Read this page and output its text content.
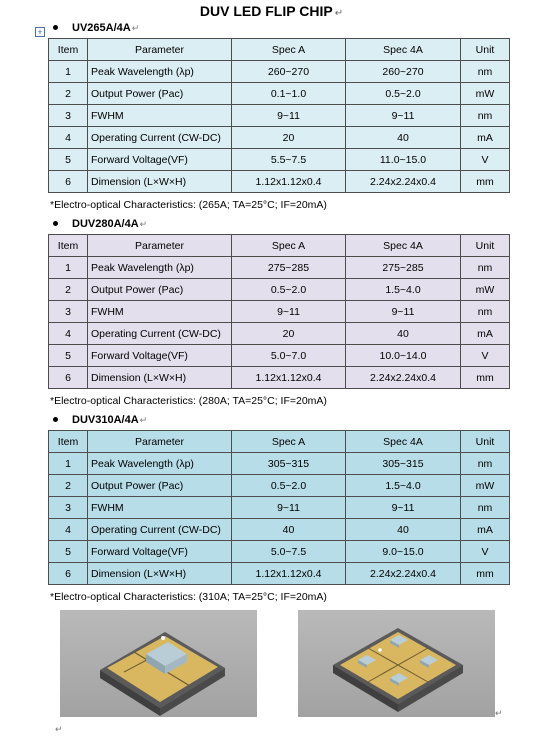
DUV LED FLIP CHIP ↵
+	UV265A/4A↵
Item	Parameter	Spec A	Spec 4A	Unit
1	Peak Wavelength (λp)	260~270	260~270	nm
2	Output Power (Pac)	0.1~1.0	0.5~2.0	mW
3	FWHM	9~11	9~11	nm
4	Operating Current (CW-DC)	20	40	mA
5	Forward Voltage(VF)	5.5~7.5	11.0~15.0	V
6	Dimension (L×W×H)	1.12x1.12x0.4	2.24x2.24x0.4	mm
*Electro-optical Characteristics: (265A; TA=25°C; IF=20mA)
DUV280A/4A↵
Item	Parameter	Spec A	Spec 4A	Unit
1	Peak Wavelength (λp)	275~285	275~285	nm
2	Output Power (Pac)	0.5~2.0	1.5~4.0	mW
3	FWHM	9~11	9~11	nm
4	Operating Current (CW-DC)	20	40	mA
5	Forward Voltage(VF)	5.0~7.0	10.0~14.0	V
6	Dimension (L×W×H)	1.12x1.12x0.4	2.24x2.24x0.4	mm
*Electro-optical Characteristics: (280A; TA=25°C; IF=20mA)
DUV310A/4A↵
Item	Parameter	Spec A	Spec 4A	Unit
1	Peak Wavelength (λp)	305~315	305~315	nm
2	Output Power (Pac)	0.5~2.0	1.5~4.0	mW
3	FWHM	9~11	9~11	nm
4	Operating Current (CW-DC)	40	40	mA
5	Forward Voltage(VF)	5.0~7.5	9.0~15.0	V
6	Dimension (L×W×H)	1.12x1.12x0.4	2.24x2.24x0.4	mm
*Electro-optical Characteristics: (310A; TA=25°C; IF=20mA)
↵
↵
